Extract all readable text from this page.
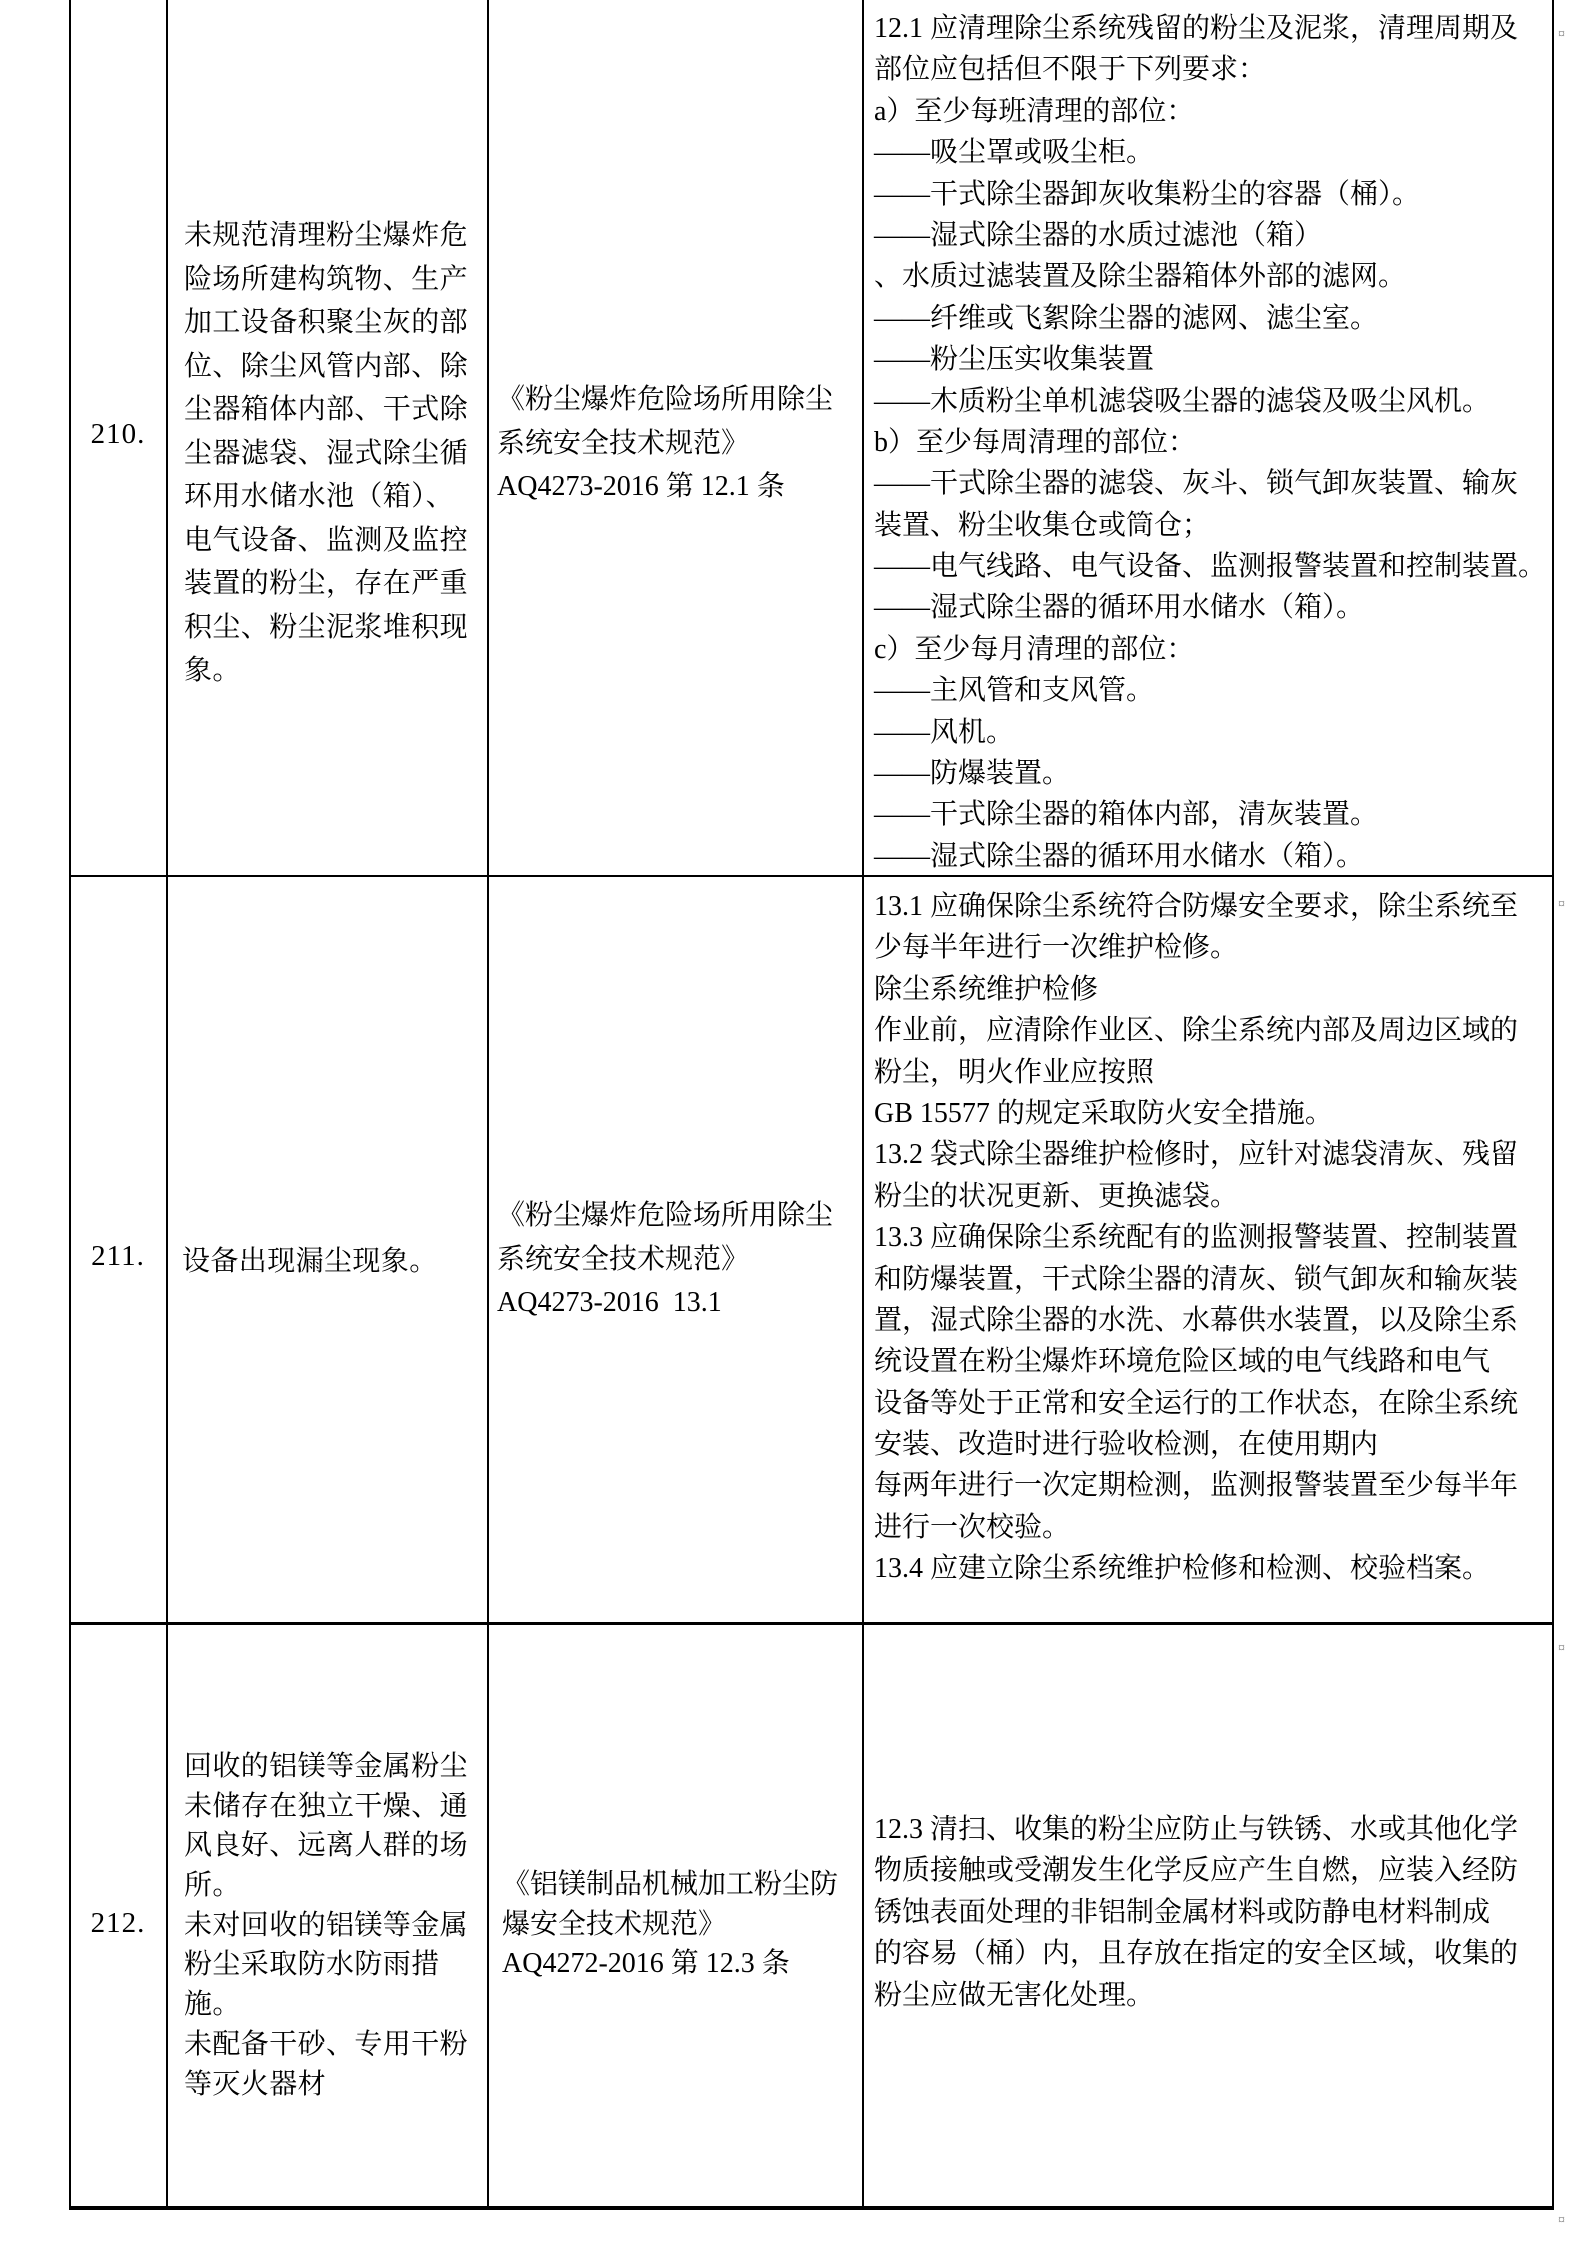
210.
未规范清理粉尘爆炸危
险场所建构筑物、生产
加工设备积聚尘灰的部
位、除尘风管内部、除
尘器箱体内部、干式除
尘器滤袋、湿式除尘循
环用水储水池（箱）、
电气设备、监测及监控
装置的粉尘，存在严重
积尘、粉尘泥浆堆积现
象。
《粉尘爆炸危险场所用除尘
系统安全技术规范》
AQ4273-2016 第 12.1 条
12.1 应清理除尘系统残留的粉尘及泥浆，清理周期及
部位应包括但不限于下列要求：
a）至少每班清理的部位：
——吸尘罩或吸尘柜。
——干式除尘器卸灰收集粉尘的容器（桶）。
——湿式除尘器的水质过滤池（箱）
、水质过滤装置及除尘器箱体外部的滤网。
——纤维或飞絮除尘器的滤网、滤尘室。
——粉尘压实收集装置
——木质粉尘单机滤袋吸尘器的滤袋及吸尘风机。
b）至少每周清理的部位：
——干式除尘器的滤袋、灰斗、锁气卸灰装置、输灰
装置、粉尘收集仓或筒仓；
——电气线路、电气设备、监测报警装置和控制装置。
——湿式除尘器的循环用水储水（箱）。
c）至少每月清理的部位：
——主风管和支风管。
——风机。
——防爆装置。
——干式除尘器的箱体内部，清灰装置。
——湿式除尘器的循环用水储水（箱）。
211.	设备出现漏尘现象。
《粉尘爆炸危险场所用除尘
系统安全技术规范》
AQ4273-2016  13.1
13.1 应确保除尘系统符合防爆安全要求，除尘系统至
少每半年进行一次维护检修。
除尘系统维护检修
作业前，应清除作业区、除尘系统内部及周边区域的
粉尘，明火作业应按照
GB 15577 的规定采取防火安全措施。
13.2 袋式除尘器维护检修时，应针对滤袋清灰、残留
粉尘的状况更新、更换滤袋。
13.3 应确保除尘系统配有的监测报警装置、控制装置
和防爆装置，干式除尘器的清灰、锁气卸灰和输灰装
置，湿式除尘器的水洗、水幕供水装置，以及除尘系
统设置在粉尘爆炸环境危险区域的电气线路和电气
设备等处于正常和安全运行的工作状态，在除尘系统
安装、改造时进行验收检测，在使用期内
每两年进行一次定期检测，监测报警装置至少每半年
进行一次校验。
13.4 应建立除尘系统维护检修和检测、校验档案。
212.
回收的铝镁等金属粉尘
未储存在独立干燥、通
风良好、远离人群的场
所。
未对回收的铝镁等金属
粉尘采取防水防雨措
施。
未配备干砂、专用干粉
等灭火器材
《铝镁制品机械加工粉尘防
爆安全技术规范》
AQ4272-2016 第 12.3 条
12.3 清扫、收集的粉尘应防止与铁锈、水或其他化学
物质接触或受潮发生化学反应产生自燃，应装入经防
锈蚀表面处理的非铝制金属材料或防静电材料制成
的容易（桶）内，且存放在指定的安全区域，收集的
粉尘应做无害化处理。
¤
¤
¤
¤
